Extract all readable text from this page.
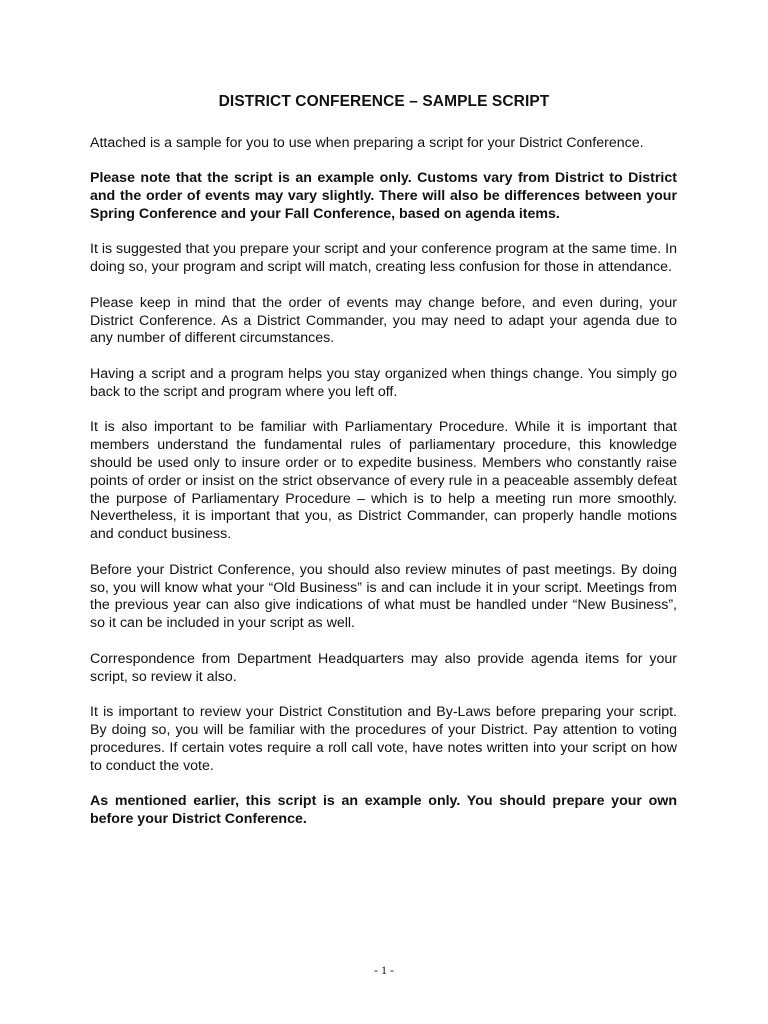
DISTRICT CONFERENCE – SAMPLE SCRIPT

Attached is a sample for you to use when preparing a script for your District Conference.

Please note that the script is an example only. Customs vary from District to District and the order of events may vary slightly. There will also be differences between your Spring Conference and your Fall Conference, based on agenda items.

It is suggested that you prepare your script and your conference program at the same time. In doing so, your program and script will match, creating less confusion for those in attendance.

Please keep in mind that the order of events may change before, and even during, your District Conference. As a District Commander, you may need to adapt your agenda due to any number of different circumstances.

Having a script and a program helps you stay organized when things change. You simply go back to the script and program where you left off.

It is also important to be familiar with Parliamentary Procedure. While it is important that members understand the fundamental rules of parliamentary procedure, this knowledge should be used only to insure order or to expedite business. Members who constantly raise points of order or insist on the strict observance of every rule in a peaceable assembly defeat the purpose of Parliamentary Procedure – which is to help a meeting run more smoothly. Nevertheless, it is important that you, as District Commander, can properly handle motions and conduct business.

Before your District Conference, you should also review minutes of past meetings. By doing so, you will know what your “Old Business” is and can include it in your script. Meetings from the previous year can also give indications of what must be handled under “New Business”, so it can be included in your script as well.

Correspondence from Department Headquarters may also provide agenda items for your script, so review it also.

It is important to review your District Constitution and By-Laws before preparing your script. By doing so, you will be familiar with the procedures of your District. Pay attention to voting procedures. If certain votes require a roll call vote, have notes written into your script on how to conduct the vote.

As mentioned earlier, this script is an example only. You should prepare your own before your District Conference.

- 1 -
